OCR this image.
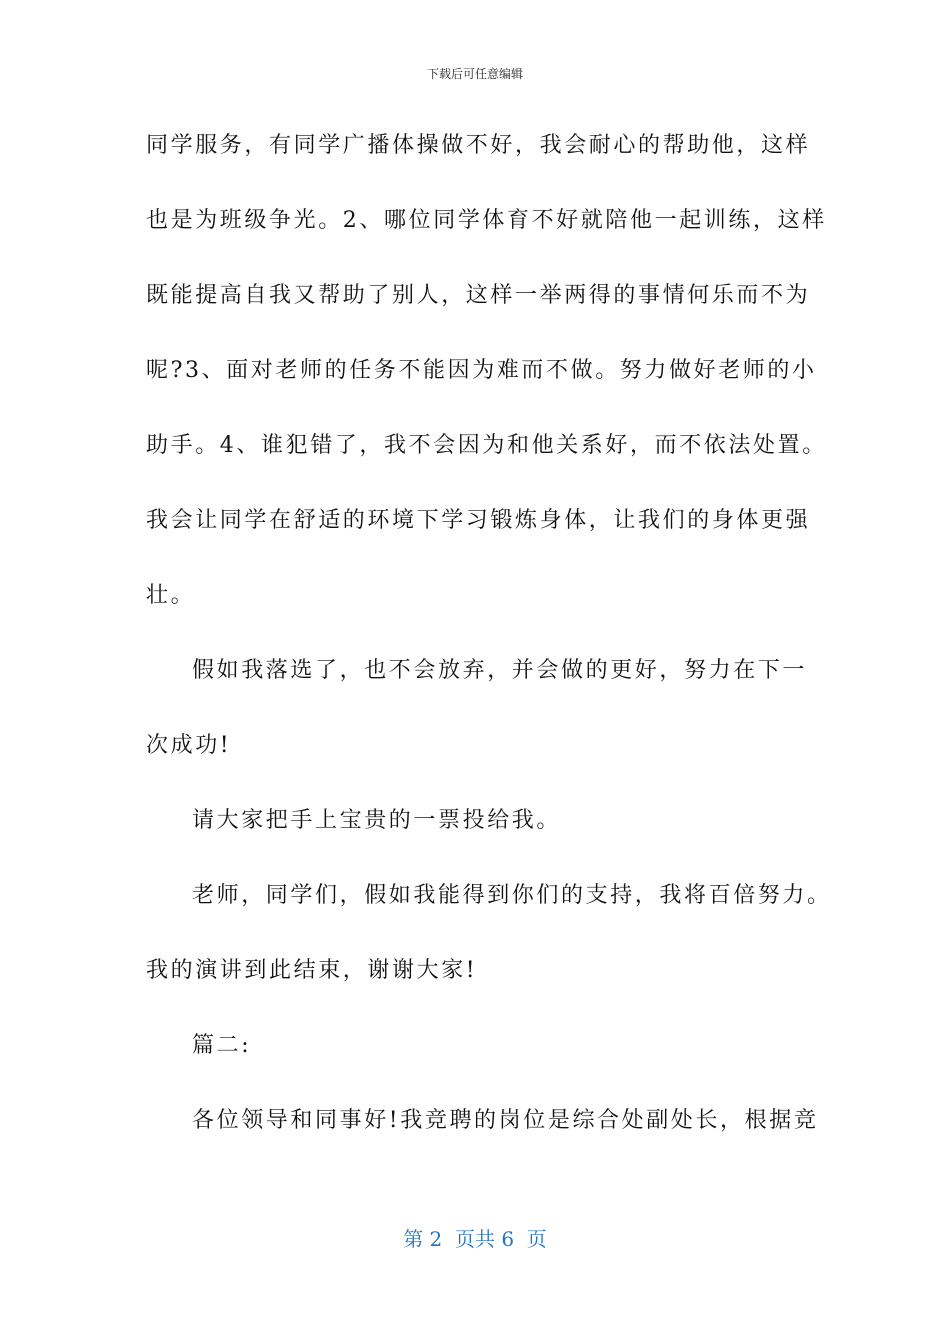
下载后可任意编辑
同学服务，有同学广播体操做不好，我会耐心的帮助他，这样
也是为班级争光。2、哪位同学体育不好就陪他一起训练，这样
既能提高自我又帮助了别人，这样一举两得的事情何乐而不为
呢?3、面对老师的任务不能因为难而不做。努力做好老师的小
助手。4、谁犯错了，我不会因为和他关系好，而不依法处置。
我会让同学在舒适的环境下学习锻炼身体，让我们的身体更强
壮。
假如我落选了，也不会放弃，并会做的更好，努力在下一
次成功!
请大家把手上宝贵的一票投给我。
老师，同学们，假如我能得到你们的支持，我将百倍努力。
我的演讲到此结束，谢谢大家!
篇二:
各位领导和同事好!我竞聘的岗位是综合处副处长，根据竞
第 2  页共 6  页
